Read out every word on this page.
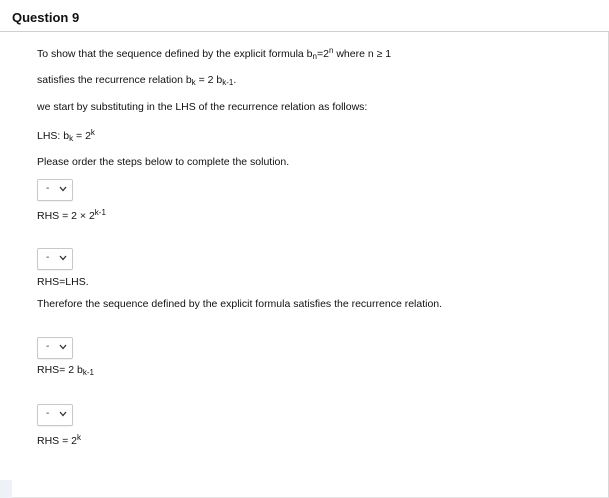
Question 9
To show that the sequence defined by the explicit formula $b_n=2^n$ where n ≥ 1
satisfies the recurrence relation $b_k = 2$ $b_{k-1}$.
we start by substituting in the LHS of the recurrence relation as follows:
LHS: $b_k = 2^k$
Please order the steps below to complete the solution.
-
RHS = $2 \times 2^{k-1}$
-
RHS=LHS.
Therefore the sequence defined by the explicit formula satisfies the recurrence relation.
-
RHS= 2 $b_{k-1}$
-
RHS = $2^k$
